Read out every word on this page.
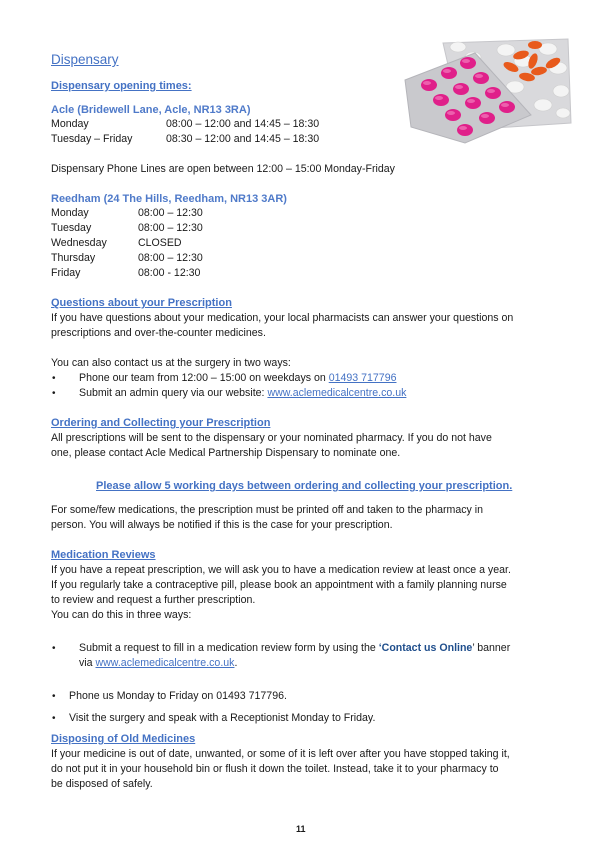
Dispensary
Dispensary opening times:
Acle (Bridewell Lane, Acle, NR13 3RA)
Monday	08:00 – 12:00 and 14:45 – 18:30
Tuesday – Friday	08:30 – 12:00 and 14:45 – 18:30
Dispensary Phone Lines are open between 12:00 – 15:00 Monday-Friday
Reedham (24 The Hills, Reedham, NR13 3AR)
Monday	08:00 – 12:30
Tuesday	08:00 – 12:30
Wednesday	CLOSED
Thursday	08:00 – 12:30
Friday	08:00 - 12:30
Questions about your Prescription
If you have questions about your medication, your local pharmacists can answer your questions on
prescriptions and over-the-counter medicines.
You can also contact us at the surgery in two ways:
• Phone our team from 12:00 – 15:00 on weekdays on 01493 717796
• Submit an admin query via our website: www.aclemedicalcentre.co.uk
Ordering and Collecting your Prescription
All prescriptions will be sent to the dispensary or your nominated pharmacy. If you do not have
one, please contact Acle Medical Partnership Dispensary to nominate one.
Please allow 5 working days between ordering and collecting your prescription.
For some/few medications, the prescription must be printed off and taken to the pharmacy in
person. You will always be notified if this is the case for your prescription.
Medication Reviews
If you have a repeat prescription, we will ask you to have a medication review at least once a year.
If you regularly take a contraceptive pill, please book an appointment with a family planning nurse
to review and request a further prescription.
You can do this in three ways:
• Submit a request to fill in a medication review form by using the ‘Contact us Online’ banner
via www.aclemedicalcentre.co.uk.
• Phone us Monday to Friday on 01493 717796.
• Visit the surgery and speak with a Receptionist Monday to Friday.
Disposing of Old Medicines
If your medicine is out of date, unwanted, or some of it is left over after you have stopped taking it,
do not put it in your household bin or flush it down the toilet. Instead, take it to your pharmacy to
be disposed of safely.
11
